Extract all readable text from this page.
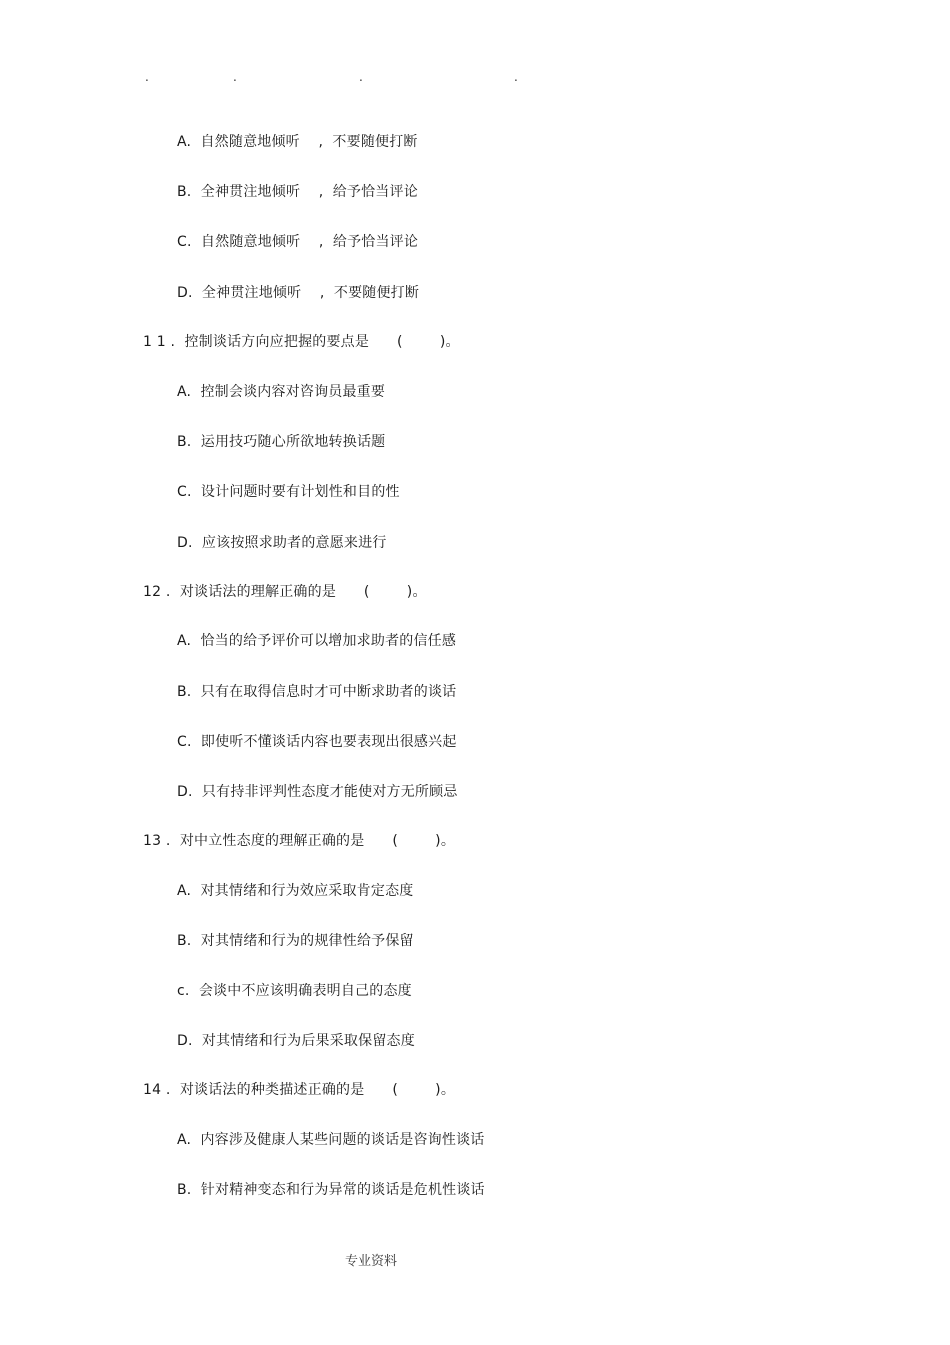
.	.	.	.
A.  自然随意地倾听    ,  不要随便打断
B.  全神贯注地倾听    ,  给予恰当评论
C.  自然随意地倾听    ,  给予恰当评论
D.  全神贯注地倾听    ,  不要随便打断
1 1 .  控制谈话方向应把握的要点是      (        )。
A.  控制会谈内容对咨询员最重要
B.  运用技巧随心所欲地转换话题
C.  设计问题时要有计划性和目的性
D.  应该按照求助者的意愿来进行
12 .  对谈话法的理解正确的是      (        )。
A.  恰当的给予评价可以增加求助者的信任感
B.  只有在取得信息时才可中断求助者的谈话
C.  即使听不懂谈话内容也要表现出很感兴起
D.  只有持非评判性态度才能使对方无所顾忌
13 .  对中立性态度的理解正确的是      (        )。
A.  对其情绪和行为效应采取肯定态度
B.  对其情绪和行为的规律性给予保留
c.  会谈中不应该明确表明自己的态度
D.  对其情绪和行为后果采取保留态度
14 .  对谈话法的种类描述正确的是      (        )。
A.  内容涉及健康人某些问题的谈话是咨询性谈话
B.  针对精神变态和行为异常的谈话是危机性谈话
专业资料
